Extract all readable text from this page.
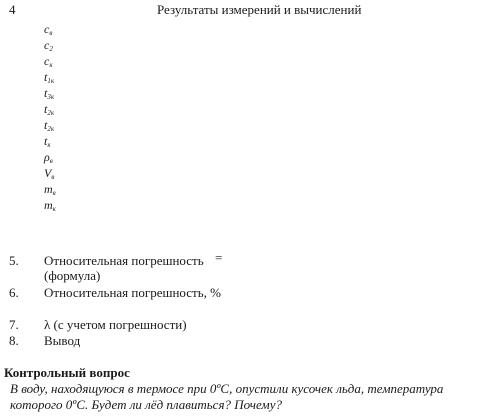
4	Результаты измерений и вычислений
$c_в$
$c_2$
$c_к$
$t_{1к}$
$t_{3к}$
$t_{2к}$
$t_{2к}$
$t_к$
$\rho_в$
$V_в$
$m_в$
$m_к$
5. Относительная погрешность (формула)
=
6. Относительная погрешность, %
7. λ (с учетом погрешности)
8. Вывод
Контрольный вопрос
В воду, находящуюся в термосе при 0ºС, опустили кусочек льда, температура которого 0ºС. Будет ли лёд плавиться? Почему?
